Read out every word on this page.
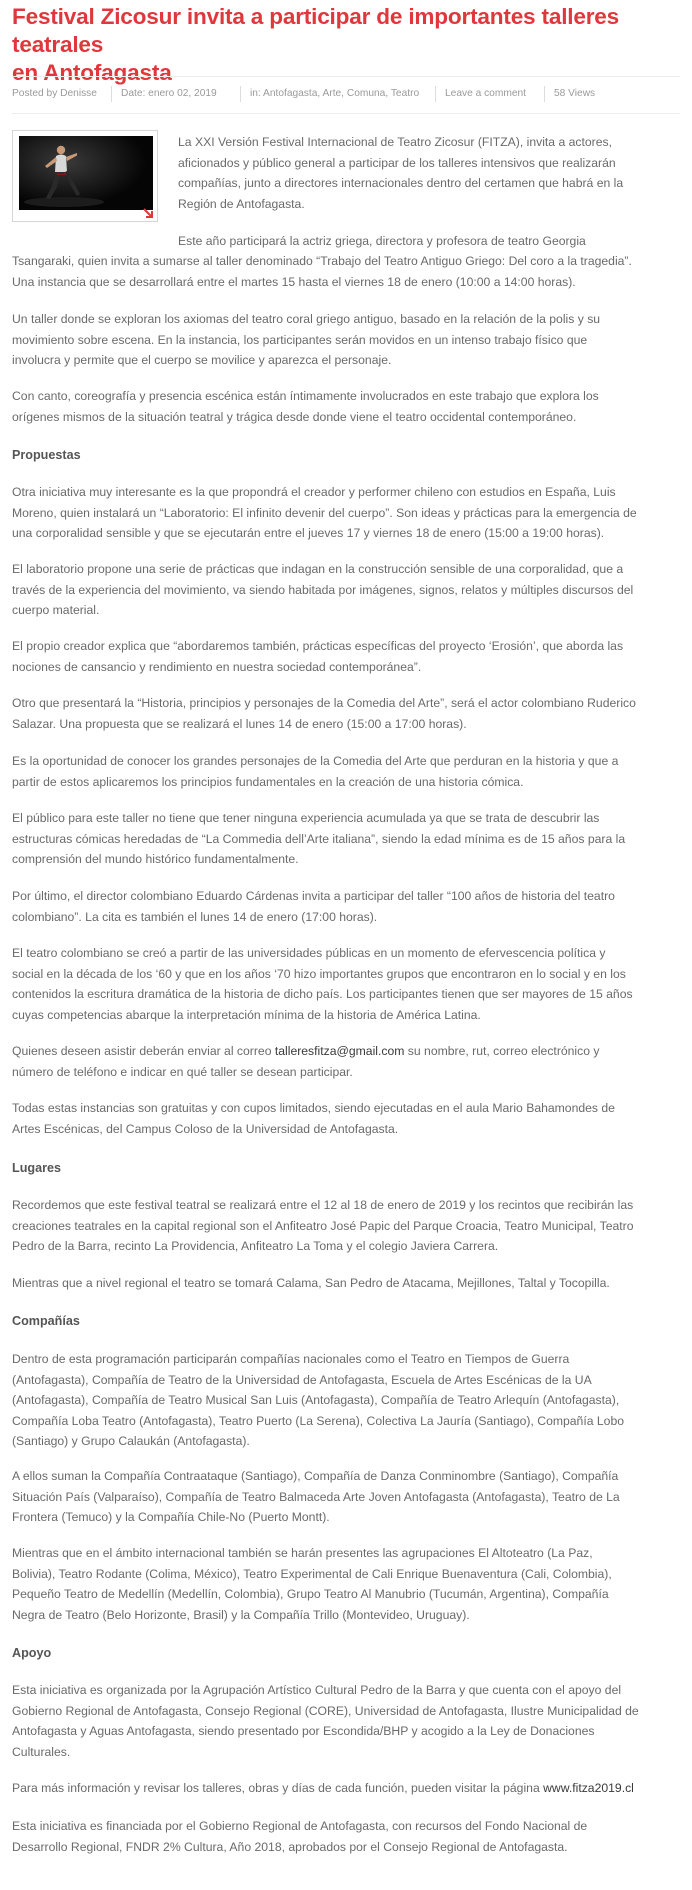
Festival Zicosur invita a participar de importantes talleres teatrales
en Antofagasta
Posted by Denisse Date: enero 02, 2019	in: Antofagasta, Arte, Comuna, Teatro	Leave a comment	58 Views

La XXI Versión Festival Internacional de Teatro Zicosur (FITZA), invita a actores,
aficionados y público general a participar de los talleres intensivos que realizarán
compañías, junto a directores internacionales dentro del certamen que habrá en la
Región de Antofagasta.

Este año participará la actriz griega, directora y profesora de teatro Georgia

Tsangaraki, quien invita a sumarse al taller denominado “Trabajo del Teatro Antiguo Griego: Del coro a la tragedia”.
Una instancia que se desarrollará entre el martes 15 hasta el viernes 18 de enero (10:00 a 14:00 horas).

Un taller donde se exploran los axiomas del teatro coral griego antiguo, basado en la relación de la polis y su
movimiento sobre escena. En la instancia, los participantes serán movidos en un intenso trabajo físico que
involucra y permite que el cuerpo se movilice y aparezca el personaje.

Con canto, coreografía y presencia escénica están íntimamente involucrados en este trabajo que explora los
orígenes mismos de la situación teatral y trágica desde donde viene el teatro occidental contemporáneo.

Propuestas

Otra iniciativa muy interesante es la que propondrá el creador y performer chileno con estudios en España, Luis
Moreno, quien instalará un “Laboratorio: El infinito devenir del cuerpo”. Son ideas y prácticas para la emergencia de
una corporalidad sensible y que se ejecutarán entre el jueves 17 y viernes 18 de enero (15:00 a 19:00 horas).

El laboratorio propone una serie de prácticas que indagan en la construcción sensible de una corporalidad, que a
través de la experiencia del movimiento, va siendo habitada por imágenes, signos, relatos y múltiples discursos del
cuerpo material.

El propio creador explica que “abordaremos también, prácticas específicas del proyecto ‘Erosión’, que aborda las
nociones de cansancio y rendimiento en nuestra sociedad contemporánea”.

Otro que presentará la “Historia, principios y personajes de la Comedia del Arte”, será el actor colombiano Ruderico
Salazar. Una propuesta que se realizará el lunes 14 de enero (15:00 a 17:00 horas).

Es la oportunidad de conocer los grandes personajes de la Comedia del Arte que perduran en la historia y que a
partir de estos aplicaremos los principios fundamentales en la creación de una historia cómica.

El público para este taller no tiene que tener ninguna experiencia acumulada ya que se trata de descubrir las
estructuras cómicas heredadas de “La Commedia dell’Arte italiana”, siendo la edad mínima es de 15 años para la
comprensión del mundo histórico fundamentalmente.

Por último, el director colombiano Eduardo Cárdenas invita a participar del taller “100 años de historia del teatro
colombiano”. La cita es también el lunes 14 de enero (17:00 horas).

El teatro colombiano se creó a partir de las universidades públicas en un momento de efervescencia política y
social en la década de los ‘60 y que en los años ‘70 hizo importantes grupos que encontraron en lo social y en los
contenidos la escritura dramática de la historia de dicho país. Los participantes tienen que ser mayores de 15 años
cuyas competencias abarque la interpretación mínima de la historia de América Latina.

Quienes deseen asistir deberán enviar al correo talleresfitza@gmail.com su nombre, rut, correo electrónico y
número de teléfono e indicar en qué taller se desean participar.

Todas estas instancias son gratuitas y con cupos limitados, siendo ejecutadas en el aula Mario Bahamondes de
Artes Escénicas, del Campus Coloso de la Universidad de Antofagasta.

Lugares

Recordemos que este festival teatral se realizará entre el 12 al 18 de enero de 2019 y los recintos que recibirán las
creaciones teatrales en la capital regional son el Anfiteatro José Papic del Parque Croacia, Teatro Municipal, Teatro
Pedro de la Barra, recinto La Providencia, Anfiteatro La Toma y el colegio Javiera Carrera.

Mientras que a nivel regional el teatro se tomará Calama, San Pedro de Atacama, Mejillones, Taltal y Tocopilla.

Compañías

Dentro de esta programación participarán compañías nacionales como el Teatro en Tiempos de Guerra
(Antofagasta), Compañía de Teatro de la Universidad de Antofagasta, Escuela de Artes Escénicas de la UA
(Antofagasta), Compañía de Teatro Musical San Luis (Antofagasta), Compañía de Teatro Arlequín (Antofagasta),
Compañía Loba Teatro (Antofagasta), Teatro Puerto (La Serena), Colectiva La Jauría (Santiago), Compañía Lobo
(Santiago) y Grupo Calaukán (Antofagasta).

A ellos suman la Compañía Contraataque (Santiago), Compañía de Danza Conminombre (Santiago), Compañía
Situación País (Valparaíso), Compañía de Teatro Balmaceda Arte Joven Antofagasta (Antofagasta), Teatro de La
Frontera (Temuco) y la Compañía Chile-No (Puerto Montt).

Mientras que en el ámbito internacional también se harán presentes las agrupaciones El Altoteatro (La Paz,
Bolivia), Teatro Rodante (Colima, México), Teatro Experimental de Cali Enrique Buenaventura (Cali, Colombia),
Pequeño Teatro de Medellín (Medellín, Colombia), Grupo Teatro Al Manubrio (Tucumán, Argentina), Compañía
Negra de Teatro (Belo Horizonte, Brasil) y la Compañía Trillo (Montevideo, Uruguay).

Apoyo

Esta iniciativa es organizada por la Agrupación Artístico Cultural Pedro de la Barra y que cuenta con el apoyo del
Gobierno Regional de Antofagasta, Consejo Regional (CORE), Universidad de Antofagasta, Ilustre Municipalidad de
Antofagasta y Aguas Antofagasta, siendo presentado por Escondida/BHP y acogido a la Ley de Donaciones
Culturales.

Para más información y revisar los talleres, obras y días de cada función, pueden visitar la página www.fitza2019.cl

Esta iniciativa es financiada por el Gobierno Regional de Antofagasta, con recursos del Fondo Nacional de
Desarrollo Regional, FNDR 2% Cultura, Año 2018, aprobados por el Consejo Regional de Antofagasta.
